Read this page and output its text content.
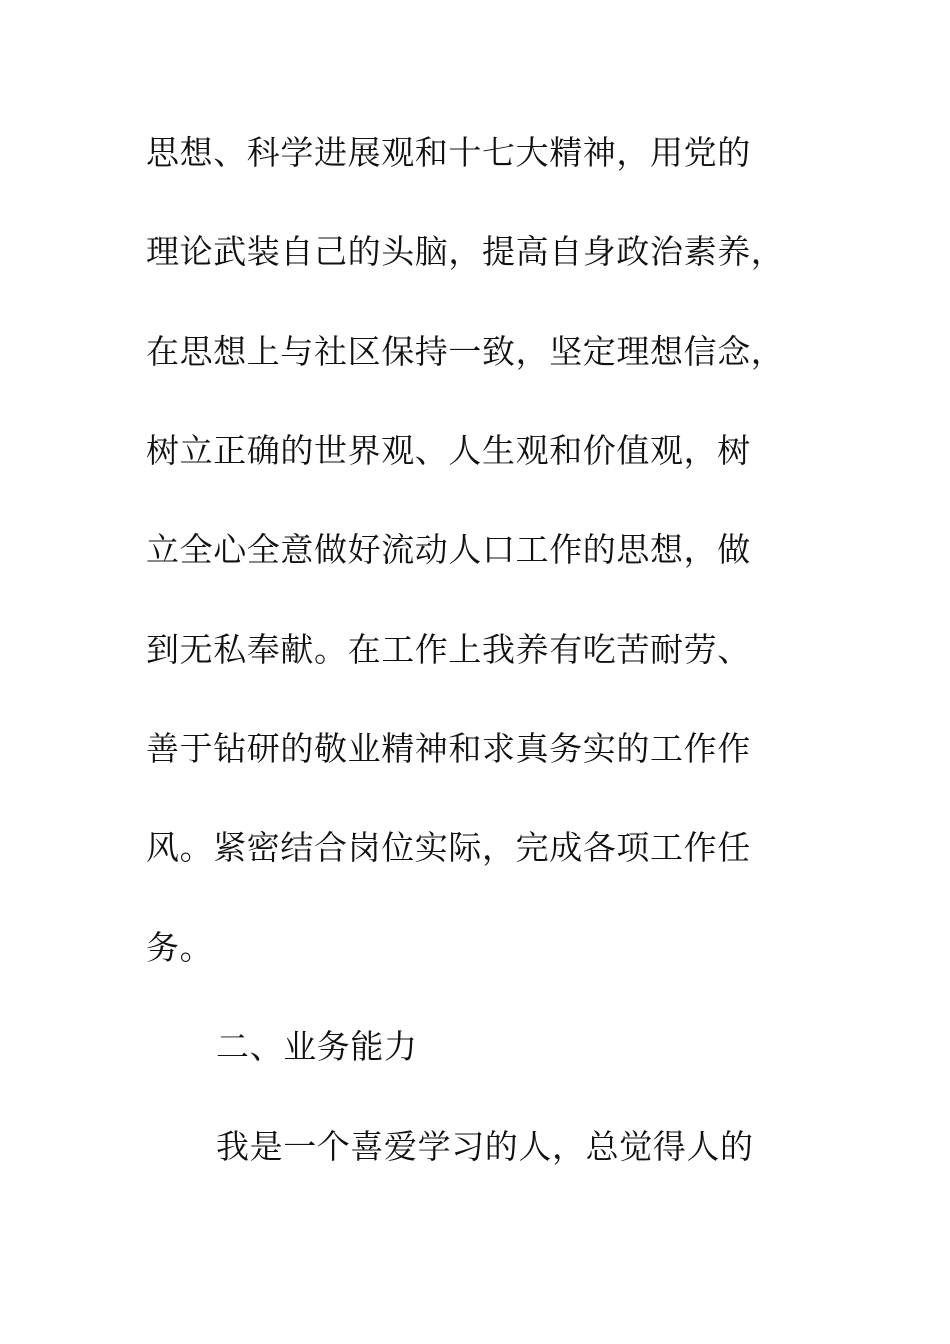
思想、科学进展观和十七大精神，用党的
理论武装自己的头脑，提高自身政治素养，
在思想上与社区保持一致，坚定理想信念，
树立正确的世界观、人生观和价值观，树
立全心全意做好流动人口工作的思想，做
到无私奉献。在工作上我养有吃苦耐劳、
善于钻研的敬业精神和求真务实的工作作
风。紧密结合岗位实际，完成各项工作任
务。
二、业务能力
我是一个喜爱学习的人，总觉得人的
